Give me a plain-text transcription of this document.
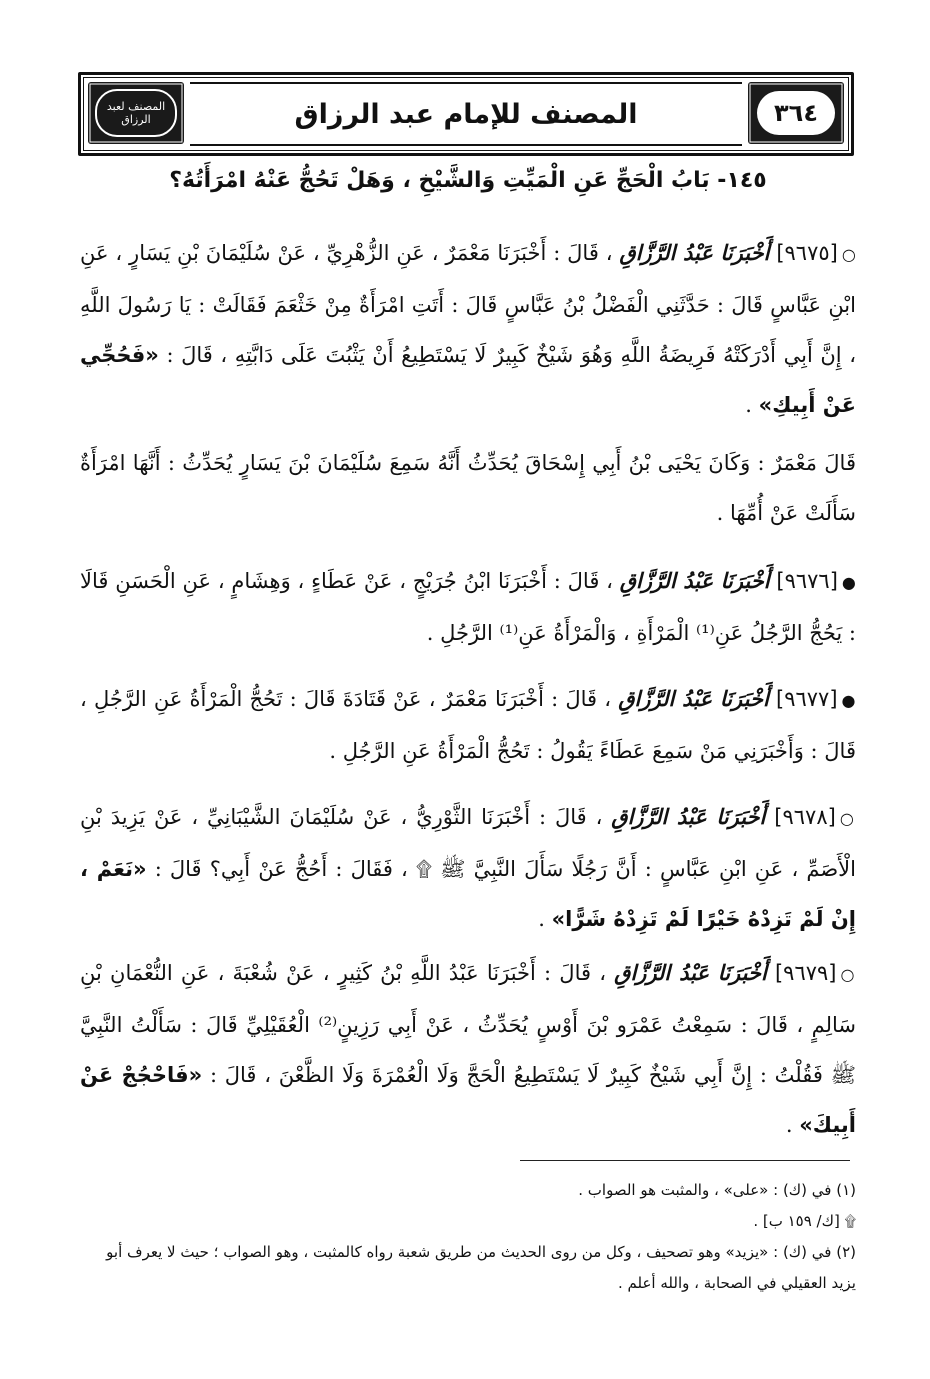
٣٦٤
المصنف للإمام عبد الرزاق
المصنف لعبد الرزاق
١٤٥- بَابُ الْحَجِّ عَنِ الْمَيِّتِ وَالشَّيْخِ ، وَهَلْ تَحُجُّ عَنْهُ امْرَأَتُهُ؟
○[٩٦٧٥] أَخْبَرَنَا عَبْدُ الرَّزَّاقِ ، قَالَ : أَخْبَرَنَا مَعْمَرٌ ، عَنِ الزُّهْرِيِّ ، عَنْ سُلَيْمَانَ بْنِ يَسَارٍ ، عَنِ ابْنِ عَبَّاسٍ قَالَ : حَدَّثَنِي الْفَضْلُ بْنُ عَبَّاسٍ قَالَ : أَتَتِ امْرَأَةٌ مِنْ خَثْعَمَ فَقَالَتْ : يَا رَسُولَ اللَّهِ ، إِنَّ أَبِي أَدْرَكَتْهُ فَرِيضَةُ اللَّهِ وَهُوَ شَيْخٌ كَبِيرٌ لَا يَسْتَطِيعُ أَنْ يَثْبُتَ عَلَى دَابَّتِهِ ، قَالَ : «فَحُجِّي عَنْ أَبِيكِ» .
قَالَ مَعْمَرٌ : وَكَانَ يَحْيَى بْنُ أَبِي إِسْحَاقَ يُحَدِّثُ أَنَّهُ سَمِعَ سُلَيْمَانَ بْنَ يَسَارٍ يُحَدِّثُ : أَنَّهَا امْرَأَةٌ سَأَلَتْ عَنْ أُمِّهَا .
●[٩٦٧٦] أَخْبَرَنَا عَبْدُ الرَّزَّاقِ ، قَالَ : أَخْبَرَنَا ابْنُ جُرَيْجٍ ، عَنْ عَطَاءٍ ، وَهِشَامٍ ، عَنِ الْحَسَنِ قَالَا : يَحُجُّ الرَّجُلُ عَنِ⁽¹⁾ الْمَرْأَةِ ، وَالْمَرْأَةُ عَنِ⁽¹⁾ الرَّجُلِ .
●[٩٦٧٧] أَخْبَرَنَا عَبْدُ الرَّزَّاقِ ، قَالَ : أَخْبَرَنَا مَعْمَرٌ ، عَنْ قَتَادَةَ قَالَ : تَحُجُّ الْمَرْأَةُ عَنِ الرَّجُلِ ، قَالَ : وَأَخْبَرَنِي مَنْ سَمِعَ عَطَاءً يَقُولُ : تَحُجُّ الْمَرْأَةُ عَنِ الرَّجُلِ .
○[٩٦٧٨] أَخْبَرَنَا عَبْدُ الرَّزَّاقِ ، قَالَ : أَخْبَرَنَا الثَّوْرِيُّ ، عَنْ سُلَيْمَانَ الشَّيْبَانِيِّ ، عَنْ يَزِيدَ بْنِ الْأَصَمِّ ، عَنِ ابْنِ عَبَّاسٍ : أَنَّ رَجُلًا سَأَلَ النَّبِيَّ ﷺ ۩ ، فَقَالَ : أَحُجُّ عَنْ أَبِي؟ قَالَ : «نَعَمْ ، إِنْ لَمْ تَزِدْهُ خَيْرًا لَمْ تَزِدْهُ شَرًّا» .
○[٩٦٧٩] أَخْبَرَنَا عَبْدُ الرَّزَّاقِ ، قَالَ : أَخْبَرَنَا عَبْدُ اللَّهِ بْنُ كَثِيرٍ ، عَنْ شُعْبَةَ ، عَنِ النُّعْمَانِ بْنِ سَالِمٍ ، قَالَ : سَمِعْتُ عَمْرَو بْنَ أَوْسٍ يُحَدِّثُ ، عَنْ أَبِي رَزِينٍ⁽²⁾ الْعُقَيْلِيِّ قَالَ : سَأَلْتُ النَّبِيَّ ﷺ فَقُلْتُ : إِنَّ أَبِي شَيْخٌ كَبِيرٌ لَا يَسْتَطِيعُ الْحَجَّ وَلَا الْعُمْرَةَ وَلَا الظَّعْنَ ، قَالَ : «فَاحْجُجْ عَنْ أَبِيكَ» .
(١) في (ك) : «على» ، والمثبت هو الصواب .
۩ [ك/ ١٥٩ ب] .
(٢) في (ك) : «يزيد» وهو تصحيف ، وكل من روى الحديث من طريق شعبة رواه كالمثبت ، وهو الصواب ؛ حيث لا يعرف أبو يزيد العقيلي في الصحابة ، والله أعلم .
